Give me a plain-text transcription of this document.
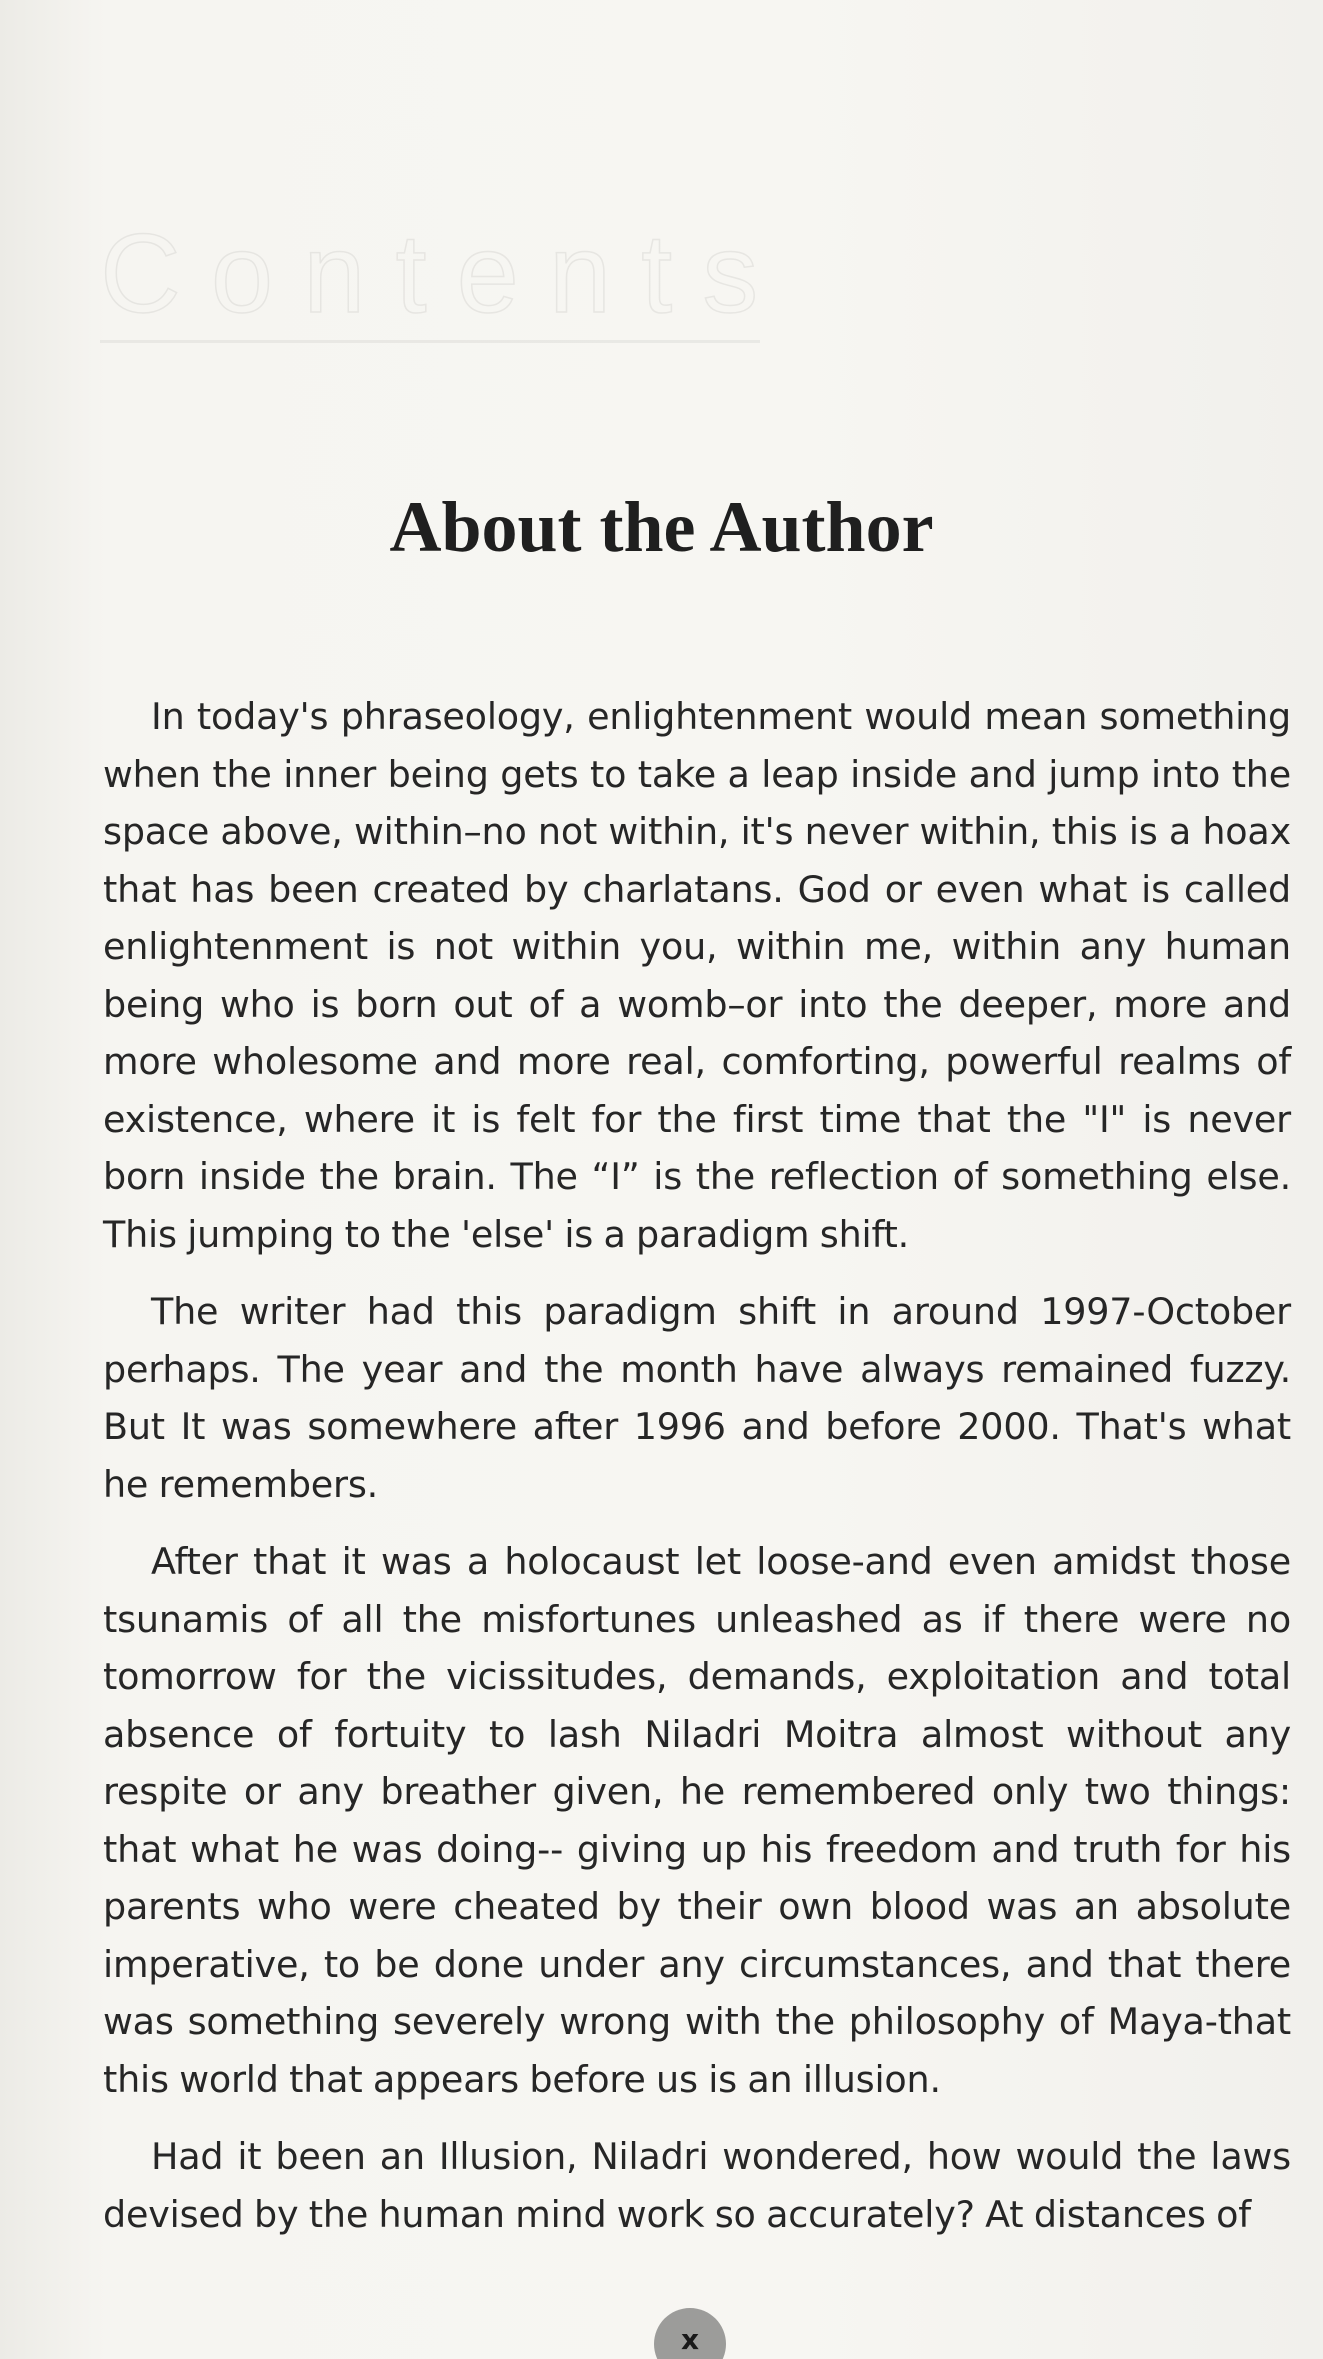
Contents
About the Author

In today's phraseology, enlightenment would mean something when the inner being gets to take a leap inside and jump into the space above, within–no not within, it's never within, this is a hoax that has been created by charlatans. God or even what is called enlightenment is not within you, within me, within any human being who is born out of a womb–or into the deeper, more and more wholesome and more real, comforting, powerful realms of existence, where it is felt for the first time that the "I" is never born inside the brain. The “I” is the reflection of something else. This jumping to the 'else' is a paradigm shift.

The writer had this paradigm shift in around 1997-October perhaps. The year and the month have always remained fuzzy. But It was somewhere after 1996 and before 2000. That's what he remembers.

After that it was a holocaust let loose-and even amidst those tsunamis of all the misfortunes unleashed as if there were no tomorrow for the vicissitudes, demands, exploitation and total absence of fortuity to lash Niladri Moitra almost without any respite or any breather given, he remembered only two things: that what he was doing-- giving up his freedom and truth for his parents who were cheated by their own blood was an absolute imperative, to be done under any circumstances, and that there was something severely wrong with the philosophy of Maya-that this world that appears before us is an illusion.

Had it been an Illusion, Niladri wondered, how would the laws devised by the human mind work so accurately? At distances of

x
